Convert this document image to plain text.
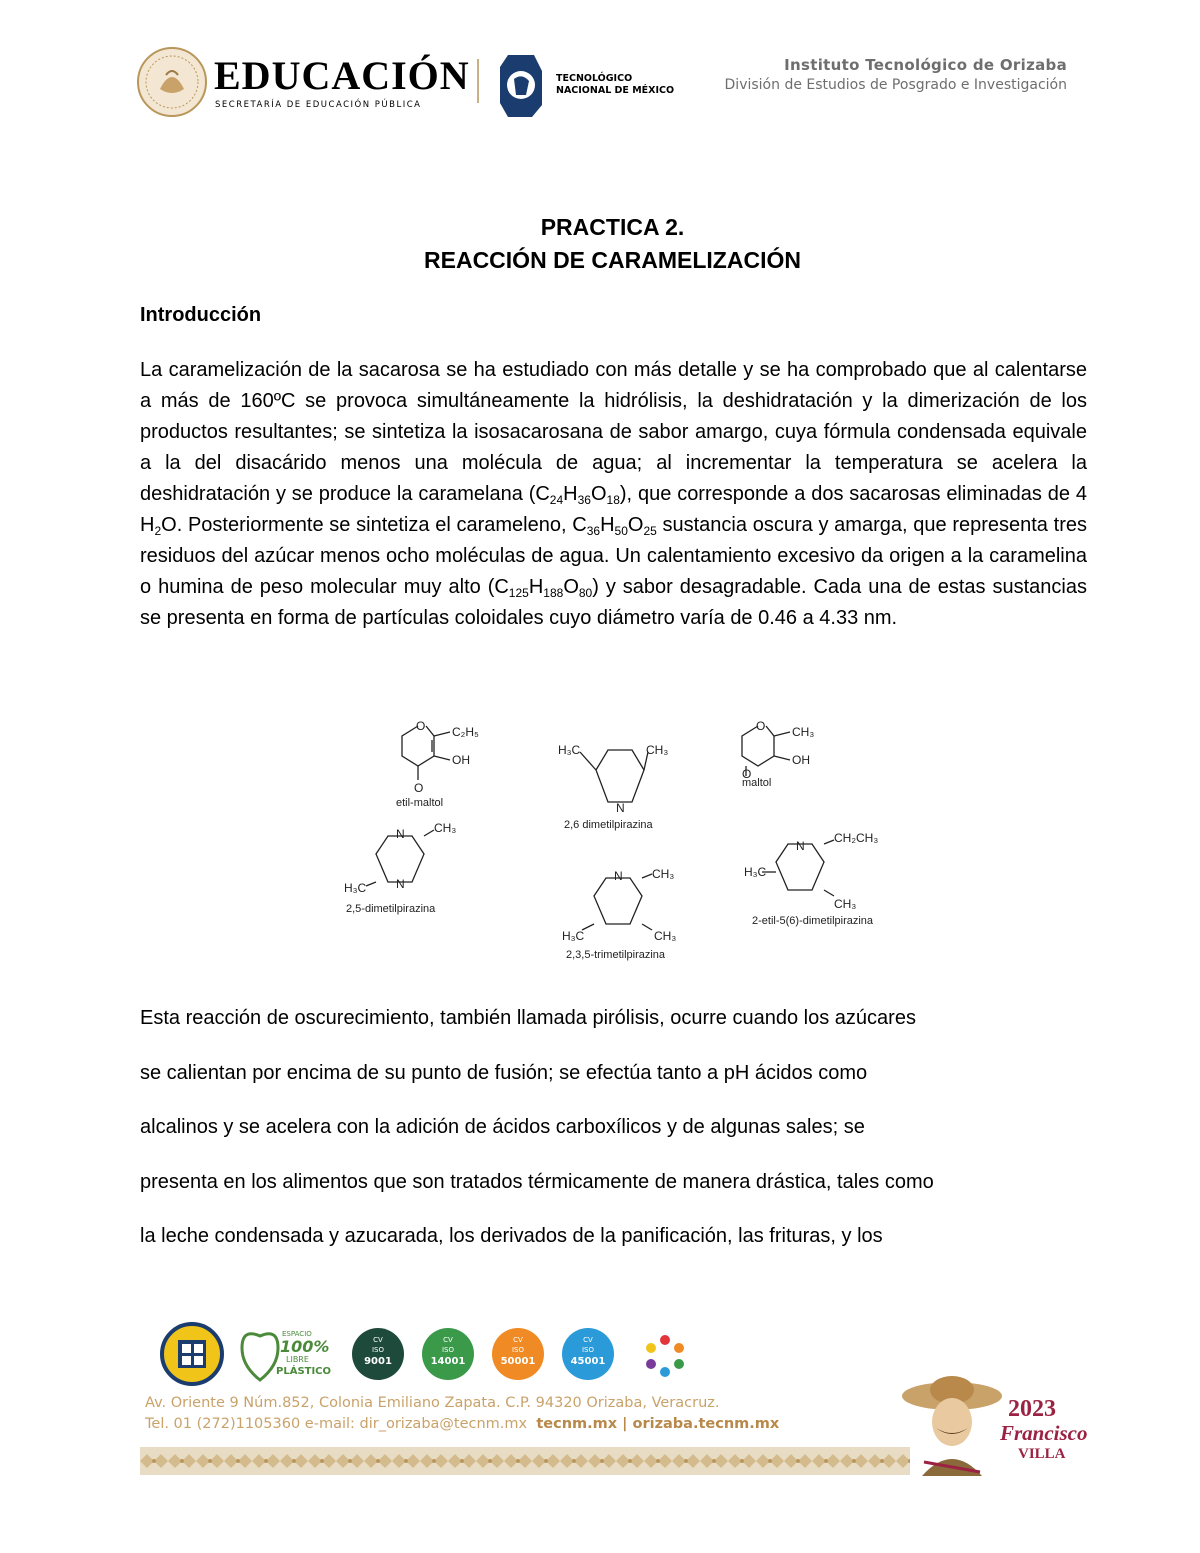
EDUCACIÓN
SECRETARÍA DE EDUCACIÓN PÚBLICA
TECNOLÓGICO
NACIONAL DE MÉXICO
Instituto Tecnológico de Orizaba
División de Estudios de Posgrado e Investigación
PRACTICA 2.
REACCIÓN DE CARAMELIZACIÓN
Introducción
La caramelización de la sacarosa se ha estudiado con más detalle y se ha comprobado que al calentarse a más de 160ºC se provoca simultáneamente la hidrólisis, la deshidratación y la dimerización de los productos resultantes; se sintetiza la isosacarosana de sabor amargo, cuya fórmula condensada equivale a la del disacárido menos una molécula de agua; al incrementar la temperatura se acelera la deshidratación y se produce la caramelana $(C_{24}H_{36}O_{18})$, que corresponde a dos sacarosas eliminadas de 4 $H_2O$. Posteriormente se sintetiza el carameleno, $C_{36}H_{50}O_{25}$ sustancia oscura y amarga, que representa tres residuos del azúcar menos ocho moléculas de agua. Un calentamiento excesivo da origen a la caramelina o humina de peso molecular muy alto $(C_{125}H_{188}O_{80})$ y sabor desagradable. Cada una de estas sustancias se presenta en forma de partículas coloidales cuyo diámetro varía de 0.46 a 4.33 nm.
O C₂H₅
OH
O
etil-maltol
H₃C	CH₃
N
2,6 dimetilpirazina
O CH₃
OH
O
maltol
N CH₃
H₃C N
2,5-dimetilpirazina
N CH₃
H₃C	CH₃
2,3,5-trimetilpirazina
N
CH₂CH₃
H₃C
CH₃
2-etil-5(6)-dimetilpirazina
Esta reacción de oscurecimiento, también llamada pirólisis, ocurre cuando los azúcares
se calientan por encima de su punto de fusión; se efectúa tanto a pH ácidos como
alcalinos y se acelera con la adición de ácidos carboxílicos y de algunas sales; se
presenta en los alimentos que son tratados térmicamente de manera drástica, tales como
la leche condensada y azucarada, los derivados de la panificación, las frituras, y los
ESPACIO
100%
LIBRE
PLÁSTICO
CV
ISO
9001
CV
ISO
14001
CV
ISO
50001
CV
ISO
45001
Av. Oriente 9 Núm.852, Colonia Emiliano Zapata. C.P. 94320 Orizaba, Veracruz.
Tel. 01 (272)1105360 e-mail: dir_orizaba@tecnm.mx tecnm.mx | orizaba.tecnm.mx
2023
Francisco
VILLA
